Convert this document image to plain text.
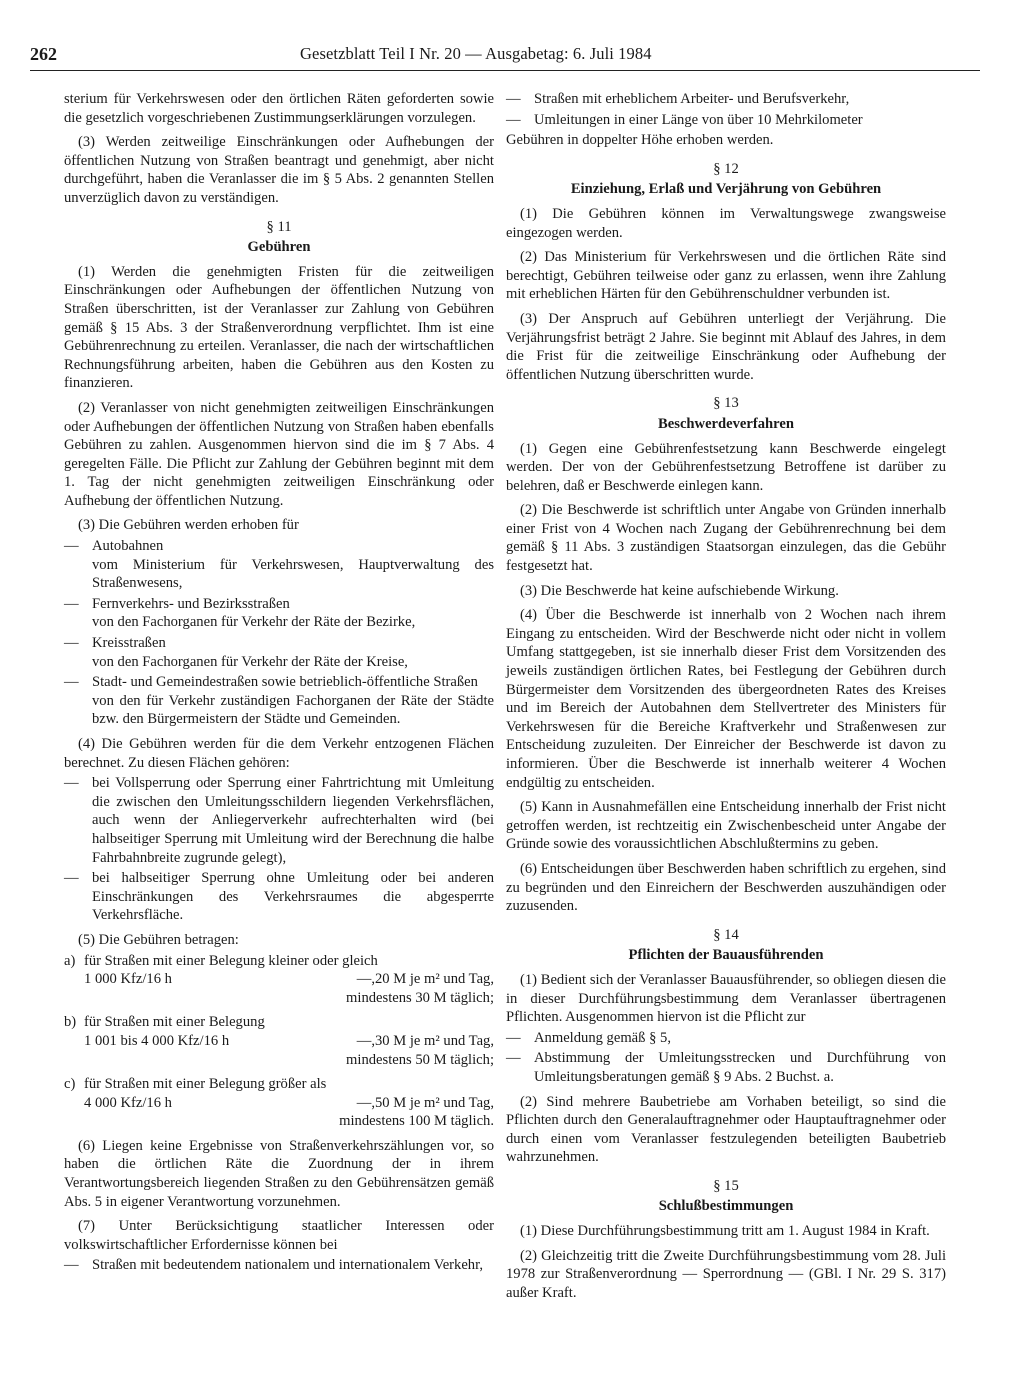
262	Gesetzblatt Teil I Nr. 20 — Ausgabetag: 6. Juli 1984

sterium für Verkehrswesen oder den örtlichen Räten geforderten sowie die gesetzlich vorgeschriebenen Zustimmungserklärungen vorzulegen.

(3) Werden zeitweilige Einschränkungen oder Aufhebungen der öffentlichen Nutzung von Straßen beantragt und genehmigt, aber nicht durchgeführt, haben die Veranlasser die im § 5 Abs. 2 genannten Stellen unverzüglich davon zu verständigen.

§ 11
Gebühren

(1) Werden die genehmigten Fristen für die zeitweiligen Einschränkungen oder Aufhebungen der öffentlichen Nutzung von Straßen überschritten, ist der Veranlasser zur Zahlung von Gebühren gemäß § 15 Abs. 3 der Straßenverordnung verpflichtet. Ihm ist eine Gebührenrechnung zu erteilen. Veranlasser, die nach der wirtschaftlichen Rechnungsführung arbeiten, haben die Gebühren aus den Kosten zu finanzieren.

(2) Veranlasser von nicht genehmigten zeitweiligen Einschränkungen oder Aufhebungen der öffentlichen Nutzung von Straßen haben ebenfalls Gebühren zu zahlen. Ausgenommen hiervon sind die im § 7 Abs. 4 geregelten Fälle. Die Pflicht zur Zahlung der Gebühren beginnt mit dem 1. Tag der nicht genehmigten zeitweiligen Einschränkung oder Aufhebung der öffentlichen Nutzung.

(3) Die Gebühren werden erhoben für

— Autobahnen
vom Ministerium für Verkehrswesen, Hauptverwaltung des Straßenwesens,
— Fernverkehrs- und Bezirksstraßen
von den Fachorganen für Verkehr der Räte der Bezirke,
— Kreisstraßen
von den Fachorganen für Verkehr der Räte der Kreise,
— Stadt- und Gemeindestraßen sowie betrieblich-öffentliche Straßen
von den für Verkehr zuständigen Fachorganen der Räte der Städte bzw. den Bürgermeistern der Städte und Gemeinden.

(4) Die Gebühren werden für die dem Verkehr entzogenen Flächen berechnet. Zu diesen Flächen gehören:

— bei Vollsperrung oder Sperrung einer Fahrtrichtung mit Umleitung die zwischen den Umleitungsschildern liegenden Verkehrsflächen, auch wenn der Anliegerverkehr aufrechterhalten wird (bei halbseitiger Sperrung mit Umleitung wird der Berechnung die halbe Fahrbahnbreite zugrunde gelegt),
— bei halbseitiger Sperrung ohne Umleitung oder bei anderen Einschränkungen des Verkehrsraumes die abgesperrte Verkehrsfläche.

(5) Die Gebühren betragen:

a) für Straßen mit einer Belegung kleiner oder gleich
1 000 Kfz/16 h	—,20 M je m² und Tag,
mindestens 30 M täglich;
b) für Straßen mit einer Belegung
1 001 bis 4 000 Kfz/16 h	—,30 M je m² und Tag,
mindestens 50 M täglich;
c) für Straßen mit einer Belegung größer als
4 000 Kfz/16 h	—,50 M je m² und Tag,
mindestens 100 M täglich.

(6) Liegen keine Ergebnisse von Straßenverkehrszählungen vor, so haben die örtlichen Räte die Zuordnung der in ihrem Verantwortungsbereich liegenden Straßen zu den Gebührensätzen gemäß Abs. 5 in eigener Verantwortung vorzunehmen.

(7) Unter Berücksichtigung staatlicher Interessen oder volkswirtschaftlicher Erfordernisse können bei

— Straßen mit bedeutendem nationalem und internationalem Verkehr,
— Straßen mit erheblichem Arbeiter- und Berufsverkehr,
— Umleitungen in einer Länge von über 10 Mehrkilometer

Gebühren in doppelter Höhe erhoben werden.

§ 12
Einziehung, Erlaß und Verjährung von Gebühren

(1) Die Gebühren können im Verwaltungswege zwangsweise eingezogen werden.

(2) Das Ministerium für Verkehrswesen und die örtlichen Räte sind berechtigt, Gebühren teilweise oder ganz zu erlassen, wenn ihre Zahlung mit erheblichen Härten für den Gebührenschuldner verbunden ist.

(3) Der Anspruch auf Gebühren unterliegt der Verjährung. Die Verjährungsfrist beträgt 2 Jahre. Sie beginnt mit Ablauf des Jahres, in dem die Frist für die zeitweilige Einschränkung oder Aufhebung der öffentlichen Nutzung überschritten wurde.

§ 13
Beschwerdeverfahren

(1) Gegen eine Gebührenfestsetzung kann Beschwerde eingelegt werden. Der von der Gebührenfestsetzung Betroffene ist darüber zu belehren, daß er Beschwerde einlegen kann.

(2) Die Beschwerde ist schriftlich unter Angabe von Gründen innerhalb einer Frist von 4 Wochen nach Zugang der Gebührenrechnung bei dem gemäß § 11 Abs. 3 zuständigen Staatsorgan einzulegen, das die Gebühr festgesetzt hat.

(3) Die Beschwerde hat keine aufschiebende Wirkung.

(4) Über die Beschwerde ist innerhalb von 2 Wochen nach ihrem Eingang zu entscheiden. Wird der Beschwerde nicht oder nicht in vollem Umfang stattgegeben, ist sie innerhalb dieser Frist dem Vorsitzenden des jeweils zuständigen örtlichen Rates, bei Festlegung der Gebühren durch Bürgermeister dem Vorsitzenden des übergeordneten Rates des Kreises und im Bereich der Autobahnen dem Stellvertreter des Ministers für Verkehrswesen für die Bereiche Kraftverkehr und Straßenwesen zur Entscheidung zuzuleiten. Der Einreicher der Beschwerde ist davon zu informieren. Über die Beschwerde ist innerhalb weiterer 4 Wochen endgültig zu entscheiden.

(5) Kann in Ausnahmefällen eine Entscheidung innerhalb der Frist nicht getroffen werden, ist rechtzeitig ein Zwischenbescheid unter Angabe der Gründe sowie des voraussichtlichen Abschlußtermins zu geben.

(6) Entscheidungen über Beschwerden haben schriftlich zu ergehen, sind zu begründen und den Einreichern der Beschwerden auszuhändigen oder zuzusenden.

§ 14
Pflichten der Bauausführenden

(1) Bedient sich der Veranlasser Bauausführender, so obliegen diesen die in dieser Durchführungsbestimmung dem Veranlasser übertragenen Pflichten. Ausgenommen hiervon ist die Pflicht zur

— Anmeldung gemäß § 5,
— Abstimmung der Umleitungsstrecken und Durchführung von Umleitungsberatungen gemäß § 9 Abs. 2 Buchst. a.

(2) Sind mehrere Baubetriebe am Vorhaben beteiligt, so sind die Pflichten durch den Generalauftragnehmer oder Hauptauftragnehmer oder durch einen vom Veranlasser festzulegenden beteiligten Baubetrieb wahrzunehmen.

§ 15
Schlußbestimmungen

(1) Diese Durchführungsbestimmung tritt am 1. August 1984 in Kraft.

(2) Gleichzeitig tritt die Zweite Durchführungsbestimmung vom 28. Juli 1978 zur Straßenverordnung — Sperrordnung — (GBl. I Nr. 29 S. 317) außer Kraft.
